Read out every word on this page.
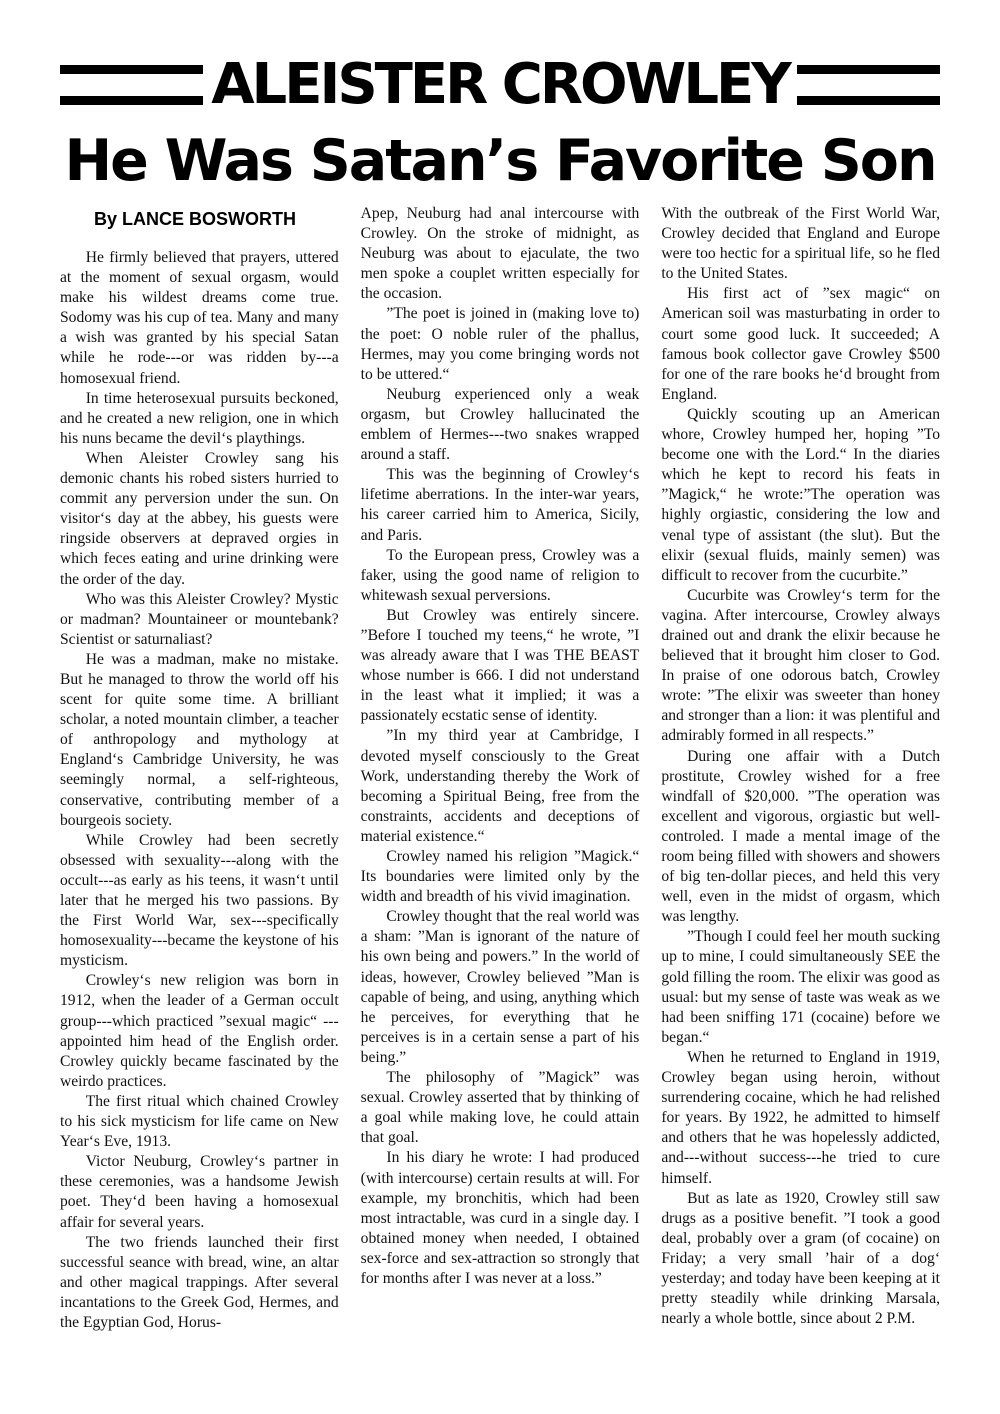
ALEISTER CROWLEY
He Was Satan’s Favorite Son
By LANCE BOSWORTH

He firmly believed that prayers, uttered at the moment of sexual orgasm, would make his wildest dreams come true. Sodomy was his cup of tea. Many and many a wish was granted by his special Satan while he rode---or was ridden by---a homosexual friend.

In time heterosexual pursuits beckoned, and he created a new religion, one in which his nuns became the devil‘s playthings.

When Aleister Crowley sang his demonic chants his robed sisters hurried to commit any perversion under the sun. On visitor‘s day at the abbey, his guests were ringside observers at depraved orgies in which feces eating and urine drinking were the order of the day.

Who was this Aleister Crowley? Mystic or madman? Mountaineer or mountebank? Scientist or saturnaliast?

He was a madman, make no mistake. But he managed to throw the world off his scent for quite some time. A brilliant scholar, a noted mountain climber, a teacher of anthropology and mythology at England‘s Cambridge University, he was seemingly normal, a self-righteous, conservative, contributing member of a bourgeois society.

While Crowley had been secretly obsessed with sexuality---along with the occult---as early as his teens, it wasn‘t until later that he merged his two passions. By the First World War, sex---specifically homosexuality---became the keystone of his mysticism.

Crowley‘s new religion was born in 1912, when the leader of a German occult group---which practiced ”sexual magic“ ---appointed him head of the English order. Crowley quickly became fascinated by the weirdo practices.

The first ritual which chained Crowley to his sick mysticism for life came on New Year‘s Eve, 1913.

Victor Neuburg, Crowley‘s partner in these ceremonies, was a handsome Jewish poet. They‘d been having a homosexual affair for several years.

The two friends launched their first successful seance with bread, wine, an altar and other magical trappings. After several incantations to the Greek God, Hermes, and the Egyptian God, Horus-

Apep, Neuburg had anal intercourse with Crowley. On the stroke of midnight, as Neuburg was about to ejaculate, the two men spoke a couplet written especially for the occasion.

”The poet is joined in (making love to) the poet: O noble ruler of the phallus, Hermes, may you come bringing words not to be uttered.“

Neuburg experienced only a weak orgasm, but Crowley hallucinated the emblem of Hermes---two snakes wrapped around a staff.

This was the beginning of Crowley‘s lifetime aberrations. In the inter-war years, his career carried him to America, Sicily, and Paris.

To the European press, Crowley was a faker, using the good name of religion to whitewash sexual perversions.

But Crowley was entirely sincere. ”Before I touched my teens,“ he wrote, ”I was already aware that I was THE BEAST whose number is 666. I did not understand in the least what it implied; it was a passionately ecstatic sense of identity.

”In my third year at Cambridge, I devoted myself consciously to the Great Work, understanding thereby the Work of becoming a Spiritual Being, free from the constraints, accidents and deceptions of material existence.“

Crowley named his religion ”Magick.“ Its boundaries were limited only by the width and breadth of his vivid imagination.

Crowley thought that the real world was a sham: ”Man is ignorant of the nature of his own being and powers.” In the world of ideas, however, Crowley believed ”Man is capable of being, and using, anything which he perceives, for everything that he perceives is in a certain sense a part of his being.”

The philosophy of ”Magick” was sexual. Crowley asserted that by thinking of a goal while making love, he could attain that goal.

In his diary he wrote: I had produced (with intercourse) certain results at will. For example, my bronchitis, which had been most intractable, was curd in a single day. I obtained money when needed, I obtained sex-force and sex-attraction so strongly that for months after I was never at a loss.”

With the outbreak of the First World War, Crowley decided that England and Europe were too hectic for a spiritual life, so he fled to the United States.

His first act of ”sex magic“ on American soil was masturbating in order to court some good luck. It succeeded; A famous book collector gave Crowley $500 for one of the rare books he‘d brought from England.

Quickly scouting up an American whore, Crowley humped her, hoping ”To become one with the Lord.“ In the diaries which he kept to record his feats in ”Magick,“ he wrote:”The operation was highly orgiastic, considering the low and venal type of assistant (the slut). But the elixir (sexual fluids, mainly semen) was difficult to recover from the cucurbite.”

Cucurbite was Crowley‘s term for the vagina. After intercourse, Crowley always drained out and drank the elixir because he believed that it brought him closer to God. In praise of one odorous batch, Crowley wrote: ”The elixir was sweeter than honey and stronger than a lion: it was plentiful and admirably formed in all respects.”

During one affair with a Dutch prostitute, Crowley wished for a free windfall of $20,000. ”The operation was excellent and vigorous, orgiastic but well-controled. I made a mental image of the room being filled with showers and showers of big ten-dollar pieces, and held this very well, even in the midst of orgasm, which was lengthy.

”Though I could feel her mouth sucking up to mine, I could simultaneously SEE the gold filling the room. The elixir was good as usual: but my sense of taste was weak as we had been sniffing 171 (cocaine) before we began.“

When he returned to England in 1919, Crowley began using heroin, without surrendering cocaine, which he had relished for years. By 1922, he admitted to himself and others that he was hopelessly addicted, and---without success---he tried to cure himself.

But as late as 1920, Crowley still saw drugs as a positive benefit. ”I took a good deal, probably over a gram (of cocaine) on Friday; a very small ’hair of a dog‘ yesterday; and today have been keeping at it pretty steadily while drinking Marsala, nearly a whole bottle, since about 2 P.M.
